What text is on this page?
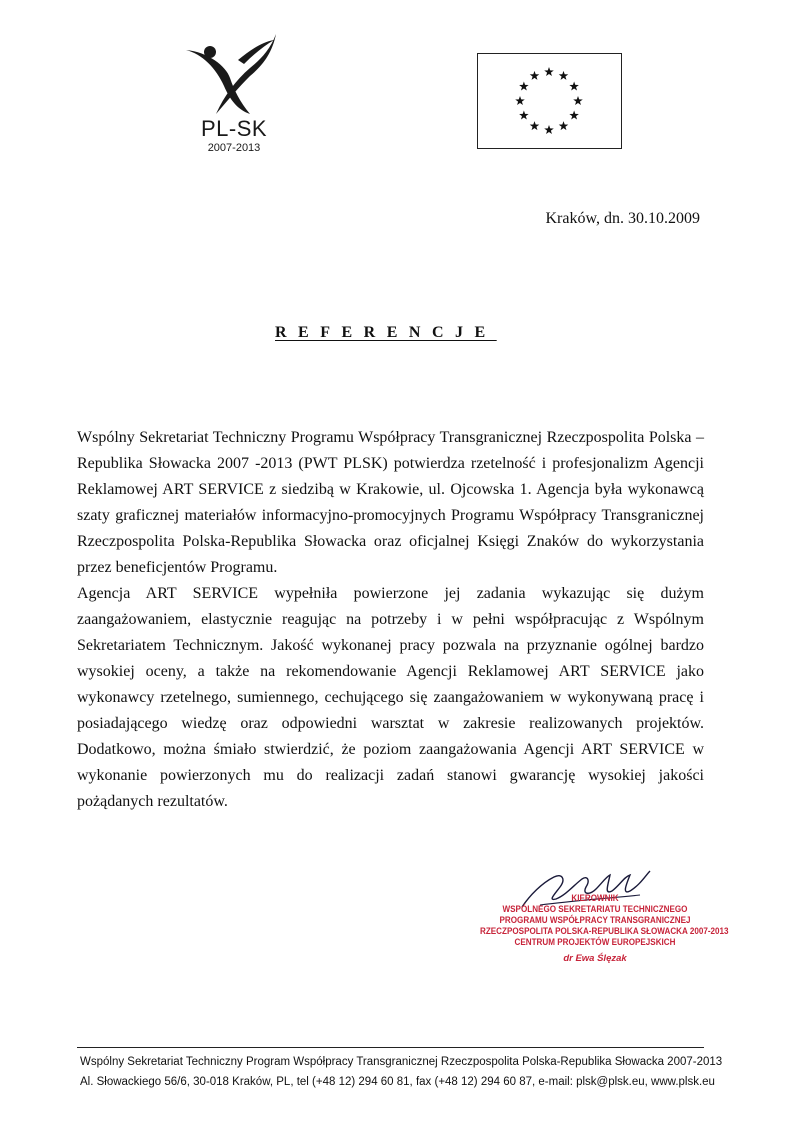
PL-SK
2007-2013
Kraków, dn. 30.10.2009
REFERENCJE

Wspólny Sekretariat Techniczny Programu Współpracy Transgranicznej Rzeczpospolita Polska –Republika Słowacka 2007 -2013 (PWT PLSK) potwierdza rzetelność i profesjonalizm Agencji Reklamowej ART SERVICE z siedzibą w Krakowie, ul. Ojcowska 1. Agencja była wykonawcą szaty graficznej materiałów informacyjno-promocyjnych Programu Współpracy Transgranicznej Rzeczpospolita Polska-Republika Słowacka oraz oficjalnej Księgi Znaków do wykorzystania przez beneficjentów Programu.

Agencja ART SERVICE wypełniła powierzone jej zadania wykazując się dużym zaangażowaniem, elastycznie reagując na potrzeby i w pełni współpracując z Wspólnym Sekretariatem Technicznym. Jakość wykonanej pracy pozwala na przyznanie ogólnej bardzo wysokiej oceny, a także na rekomendowanie Agencji Reklamowej ART SERVICE jako wykonawcy rzetelnego, sumiennego, cechującego się zaangażowaniem w wykonywaną pracę i posiadającego wiedzę oraz odpowiedni warsztat w zakresie realizowanych projektów. Dodatkowo, można śmiało stwierdzić, że poziom zaangażowania Agencji ART SERVICE w wykonanie powierzonych mu do realizacji zadań stanowi gwarancję wysokiej jakości pożądanych rezultatów.

KIEROWNIK
WSPÓLNEGO SEKRETARIATU TECHNICZNEGO
PROGRAMU WSPÓŁPRACY TRANSGRANICZNEJ
RZECZPOSPOLITA POLSKA-REPUBLIKA SŁOWACKA 2007-2013
CENTRUM PROJEKTÓW EUROPEJSKICH
dr Ewa Ślęzak
Wspólny Sekretariat Techniczny Program Współpracy Transgranicznej Rzeczpospolita Polska-Republika Słowacka 2007-2013
Al. Słowackiego 56/6, 30-018 Kraków, PL, tel (+48 12) 294 60 81, fax (+48 12) 294 60 87, e-mail: plsk@plsk.eu, www.plsk.eu
